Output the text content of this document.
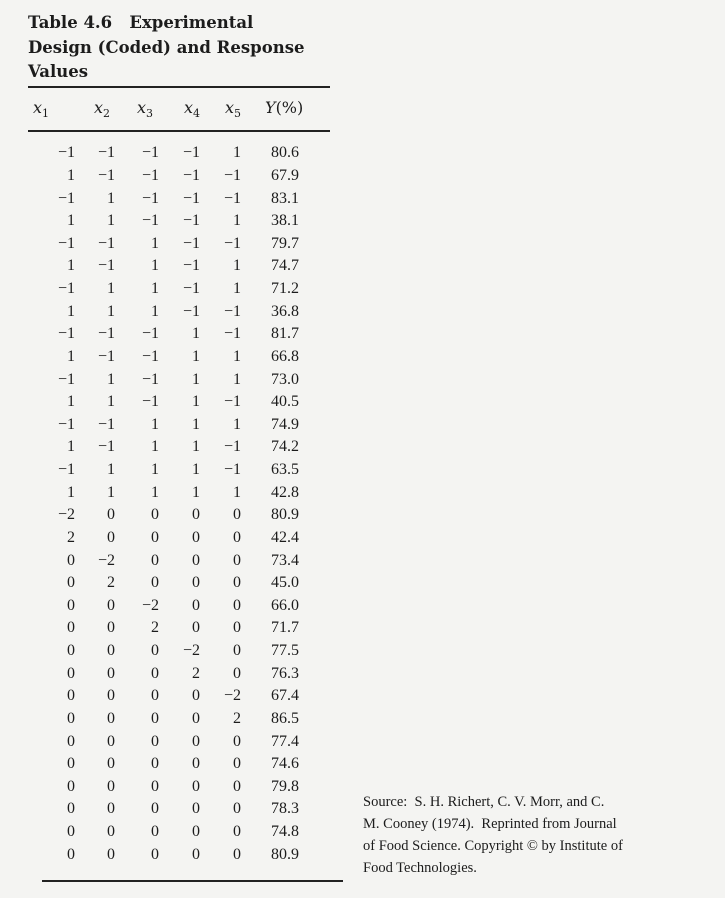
Table 4.6   Experimental
Design (Coded) and Response
Values
$x_1$	$x_2$ $x_3$ $x_4$ $x_5$ Y(%)
−1	−1	−1	−1	1	80.6
1	−1	−1	−1	−1	67.9
−1	1	−1	−1	−1	83.1
1	1	−1	−1	1	38.1
−1	−1	1	−1	−1	79.7
1	−1	1	−1	1	74.7
−1	1	1	−1	1	71.2
1	1	1	−1	−1	36.8
−1	−1	−1	1	−1	81.7
1	−1	−1	1	1	66.8
−1	1	−1	1	1	73.0
1	1	−1	1	−1	40.5
−1	−1	1	1	1	74.9
1	−1	1	1	−1	74.2
−1	1	1	1	−1	63.5
1	1	1	1	1	42.8
−2	0	0	0	0	80.9
2	0	0	0	0	42.4
0	−2	0	0	0	73.4
0	2	0	0	0	45.0
0	0	−2	0	0	66.0
0	0	2	0	0	71.7
0	0	0	−2	0	77.5
0	0	0	2	0	76.3
0	0	0	0	−2	67.4
0	0	0	0	2	86.5
0	0	0	0	0	77.4
0	0	0	0	0	74.6
0	0	0	0	0	79.8
0	0	0	0	0	78.3
0	0	0	0	0	74.8
0	0	0	0	0	80.9
Source:  S. H. Richert, C. V. Morr, and C.
M. Cooney (1974).  Reprinted from Journal
of Food Science. Copyright © by Institute of
Food Technologies.
